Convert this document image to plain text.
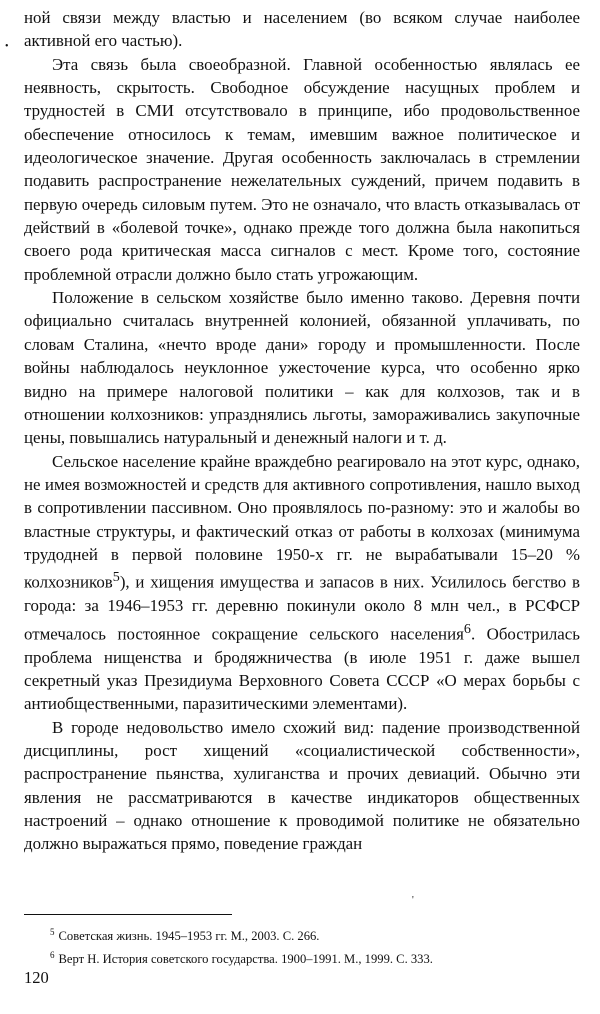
•
'

ной связи между властью и населением (во всяком случае наиболее активной его частью).

Эта связь была своеобразной. Главной особенностью являлась ее неявность, скрытость. Свободное обсуждение насущных проблем и трудностей в СМИ отсутствовало в принципе, ибо продовольственное обеспечение относилось к темам, имевшим важное политическое и идеологическое значение. Другая особенность заключалась в стремлении подавить распространение нежелательных суждений, причем подавить в первую очередь силовым путем. Это не означало, что власть отказывалась от действий в «болевой точке», однако прежде того должна была накопиться своего рода критическая масса сигналов с мест. Кроме того, состояние проблемной отрасли должно было стать угрожающим.

Положение в сельском хозяйстве было именно таково. Деревня почти официально считалась внутренней колонией, обязанной уплачивать, по словам Сталина, «нечто вроде дани» городу и промышленности. После войны наблюдалось неуклонное ужесточение курса, что особенно ярко видно на примере налоговой политики – как для колхозов, так и в отношении колхозников: упразднялись льготы, замораживались закупочные цены, повышались натуральный и денежный налоги и т. д.

Сельское население крайне враждебно реагировало на этот курс, однако, не имея возможностей и средств для активного сопротивления, нашло выход в сопротивлении пассивном. Оно проявлялось по-разному: это и жалобы во властные структуры, и фактический отказ от работы в колхозах (минимума трудодней в первой половине 1950-х гг. не вырабатывали 15–20 % колхозников$^5$), и хищения имущества и запасов в них. Усилилось бегство в города: за 1946–1953 гг. деревню покинули около 8 млн чел., в РСФСР отмечалось постоянное сокращение сельского населения$^6$. Обострилась проблема нищенства и бродяжничества (в июле 1951 г. даже вышел секретный указ Президиума Верховного Совета СССР «О мерах борьбы с антиобщественными, паразитическими элементами).

В городе недовольство имело схожий вид: падение производственной дисциплины, рост хищений «социалистической собственности», распространение пьянства, хулиганства и прочих девиаций. Обычно эти явления не рассматриваются в качестве индикаторов общественных настроений – однако отношение к проводимой политике не обязательно должно выражаться прямо, поведение граждан

$^5$ Советская жизнь. 1945–1953 гг. М., 2003. С. 266.
$^6$ Верт Н. История советского государства. 1900–1991. М., 1999. С. 333.
120
